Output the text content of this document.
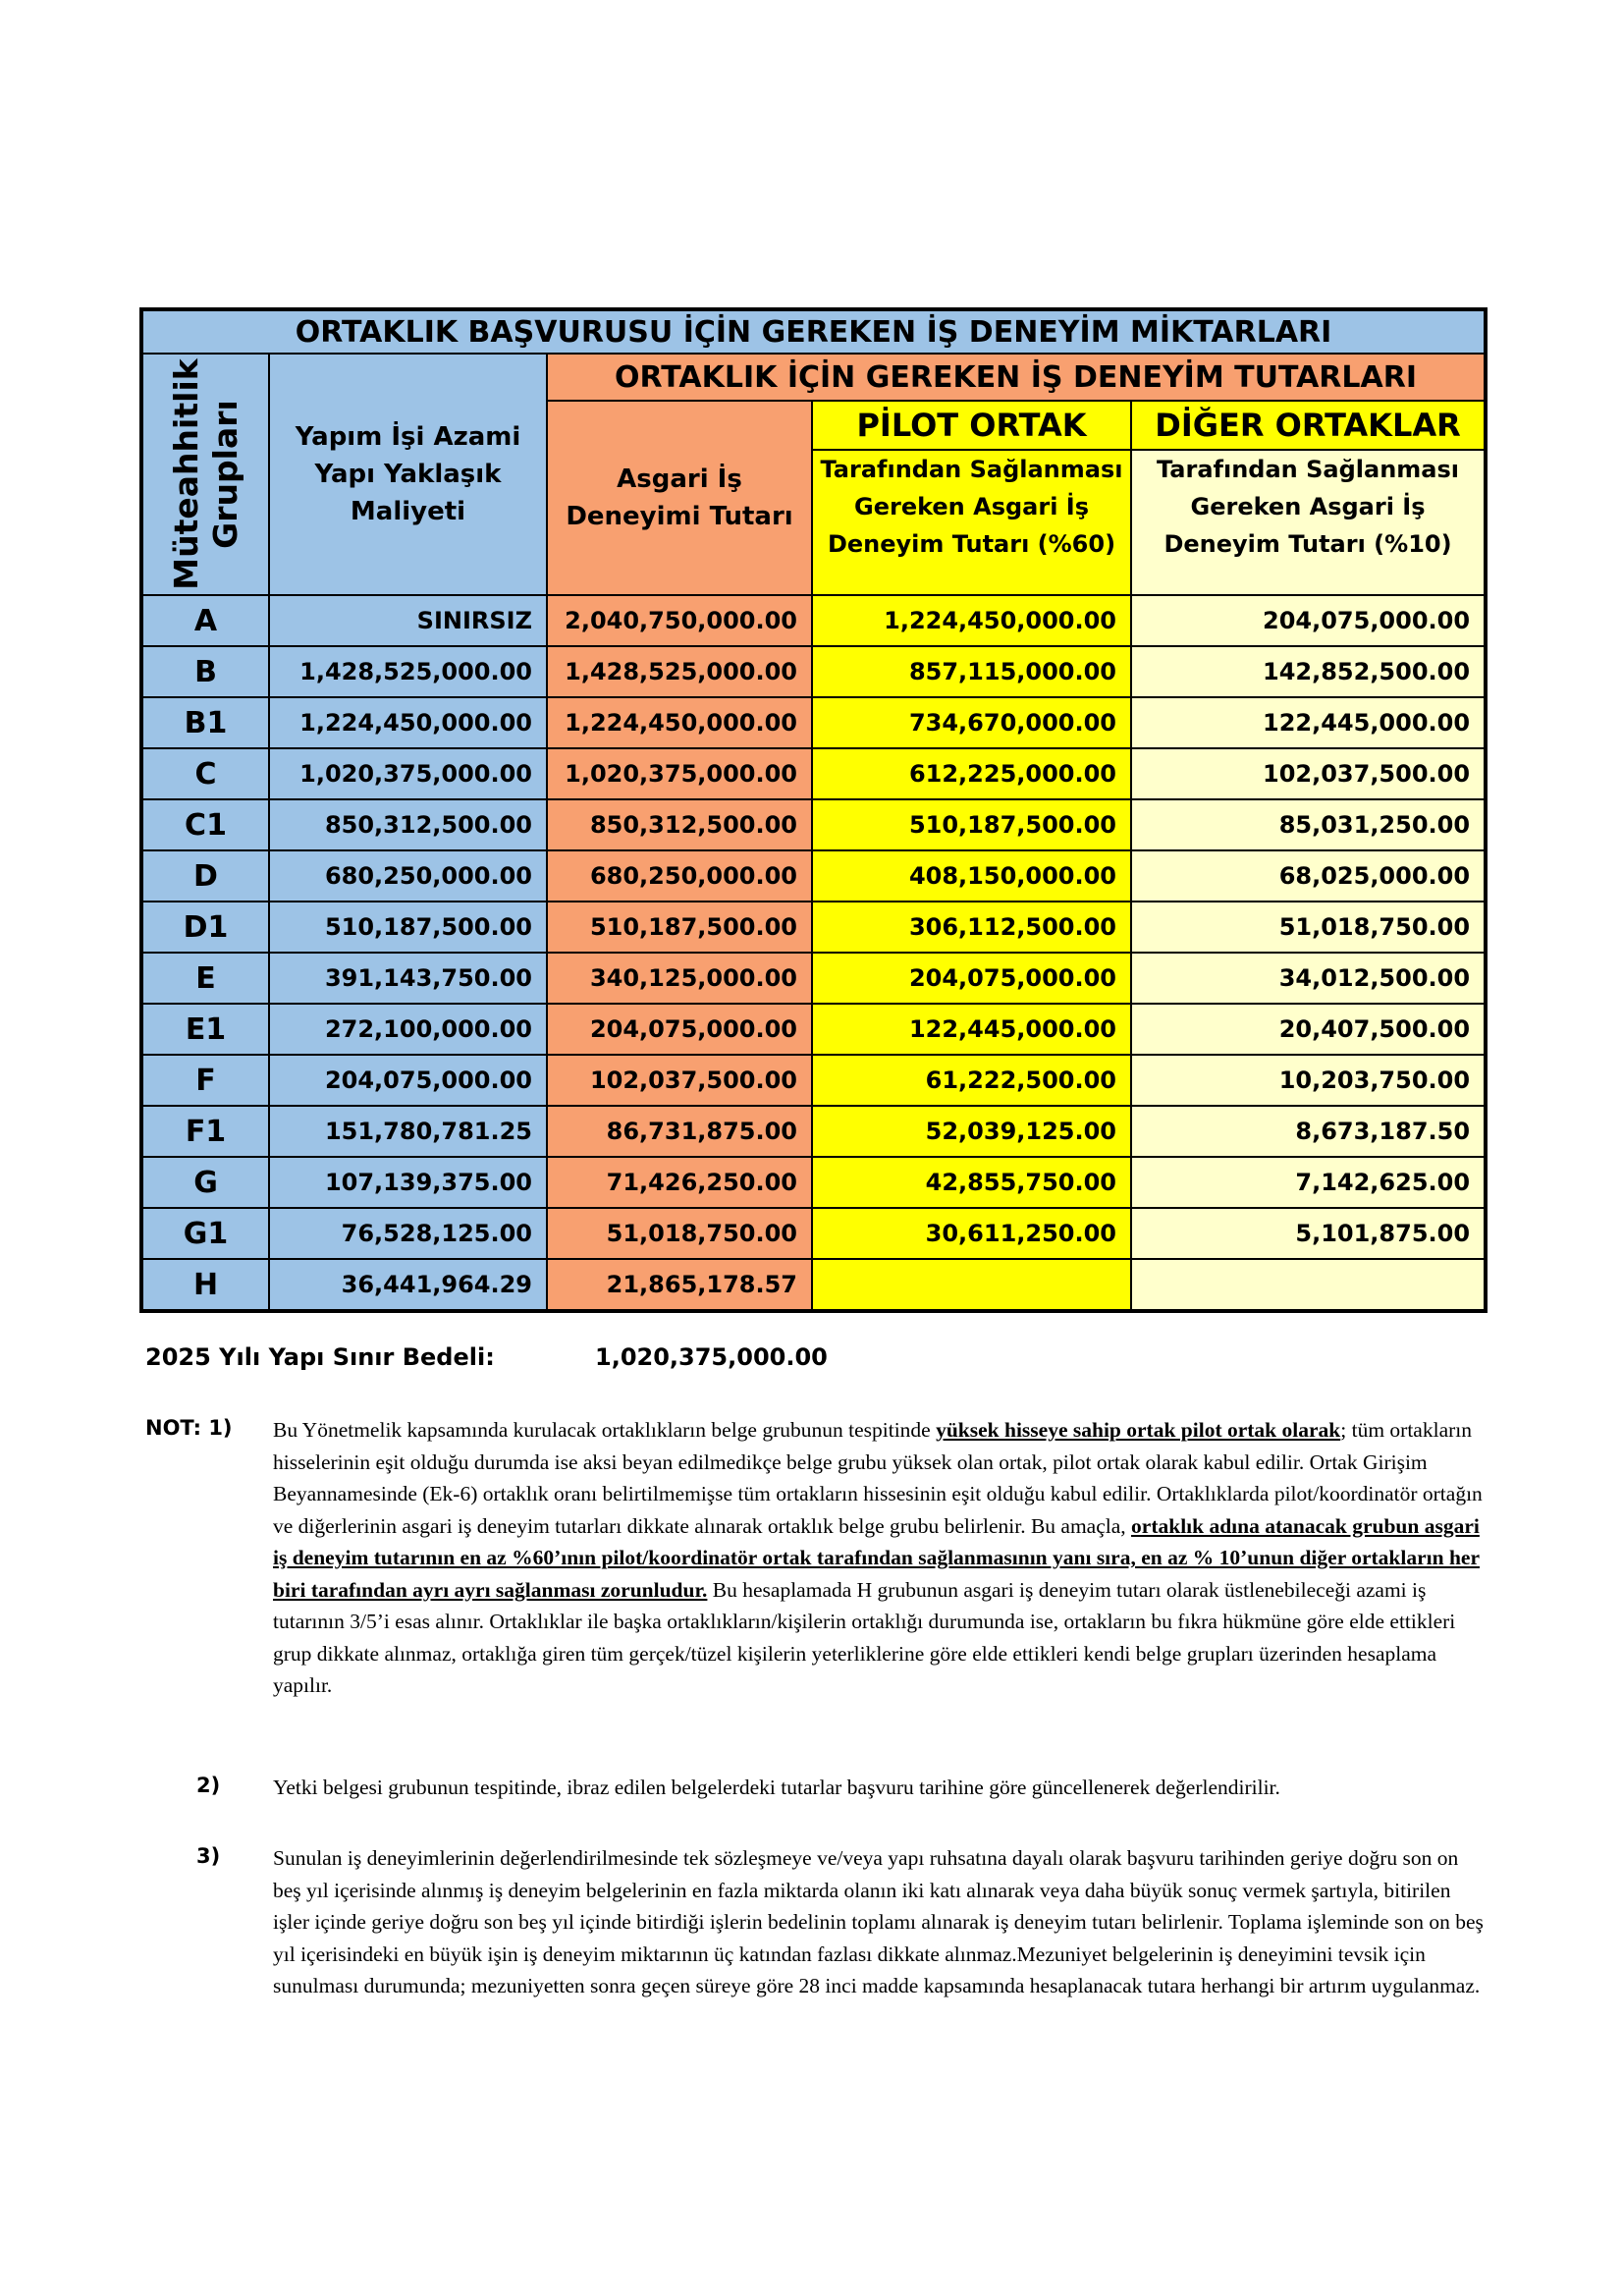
ORTAKLIK BAŞVURUSU İÇİN GEREKEN İŞ DENEYİM MİKTARLARI				

Müteahhitlik Grupları	Yapım İşi Azami Yapı Yaklaşık Maliyeti	ORTAKLIK İÇİN GEREKEN İŞ DENEYİM TUTARLARI		
		Asgari İş Deneyimi Tutarı	PİLOT ORTAK	DİĞER ORTAKLAR
			Tarafından Sağlanması Gereken Asgari İş Deneyim Tutarı (%60)	Tarafından Sağlanması Gereken Asgari İş Deneyim Tutarı (%10)
A	SINIRSIZ	2,040,750,000.00	1,224,450,000.00	204,075,000.00
B	1,428,525,000.00	1,428,525,000.00	857,115,000.00	142,852,500.00
B1	1,224,450,000.00	1,224,450,000.00	734,670,000.00	122,445,000.00
C	1,020,375,000.00	1,020,375,000.00	612,225,000.00	102,037,500.00
C1	850,312,500.00	850,312,500.00	510,187,500.00	85,031,250.00
D	680,250,000.00	680,250,000.00	408,150,000.00	68,025,000.00
D1	510,187,500.00	510,187,500.00	306,112,500.00	51,018,750.00
E	391,143,750.00	340,125,000.00	204,075,000.00	34,012,500.00
E1	272,100,000.00	204,075,000.00	122,445,000.00	20,407,500.00
F	204,075,000.00	102,037,500.00	61,222,500.00	10,203,750.00
F1	151,780,781.25	86,731,875.00	52,039,125.00	8,673,187.50
G	107,139,375.00	71,426,250.00	42,855,750.00	7,142,625.00
G1	76,528,125.00	51,018,750.00	30,611,250.00	5,101,875.00
H	36,441,964.29	21,865,178.57		
2025 Yılı Yapı Sınır Bedeli:	1,020,375,000.00
NOT: 1) Bu Yönetmelik kapsamında kurulacak ortaklıkların belge grubunun tespitinde yüksek hisseye sahip ortak pilot ortak olarak; tüm ortakların hisselerinin eşit olduğu durumda ise aksi beyan edilmedikçe belge grubu yüksek olan ortak, pilot ortak olarak kabul edilir. Ortak Girişim Beyannamesinde (Ek-6) ortaklık oranı belirtilmemişse tüm ortakların hissesinin eşit olduğu kabul edilir. Ortaklıklarda pilot/koordinatör ortağın ve diğerlerinin asgari iş deneyim tutarları dikkate alınarak ortaklık belge grubu belirlenir. Bu amaçla, ortaklık adına atanacak grubun asgari iş deneyim tutarının en az %60’ının pilot/koordinatör ortak tarafından sağlanmasının yanı sıra, en az % 10’unun diğer ortakların her biri tarafından ayrı ayrı sağlanması zorunludur. Bu hesaplamada H grubunun asgari iş deneyim tutarı olarak üstlenebileceği azami iş tutarının 3/5’i esas alınır. Ortaklıklar ile başka ortaklıkların/kişilerin ortaklığı durumunda ise, ortakların bu fıkra hükmüne göre elde ettikleri grup dikkate alınmaz, ortaklığa giren tüm gerçek/tüzel kişilerin yeterliklerine göre elde ettikleri kendi belge grupları üzerinden hesaplama yapılır.
2)	Yetki belgesi grubunun tespitinde, ibraz edilen belgelerdeki tutarlar başvuru tarihine göre güncellenerek değerlendirilir.
3)	Sunulan iş deneyimlerinin değerlendirilmesinde tek sözleşmeye ve/veya yapı ruhsatına dayalı olarak başvuru tarihinden geriye doğru son on beş yıl içerisinde alınmış iş deneyim belgelerinin en fazla miktarda olanın iki katı alınarak veya daha büyük sonuç vermek şartıyla, bitirilen işler içinde geriye doğru son beş yıl içinde bitirdiği işlerin bedelinin toplamı alınarak iş deneyim tutarı belirlenir. Toplama işleminde son on beş yıl içerisindeki en büyük işin iş deneyim miktarının üç katından fazlası dikkate alınmaz.Mezuniyet belgelerinin iş deneyimini tevsik için sunulması durumunda; mezuniyetten sonra geçen süreye göre 28 inci madde kapsamında hesaplanacak tutara herhangi bir artırım uygulanmaz.
